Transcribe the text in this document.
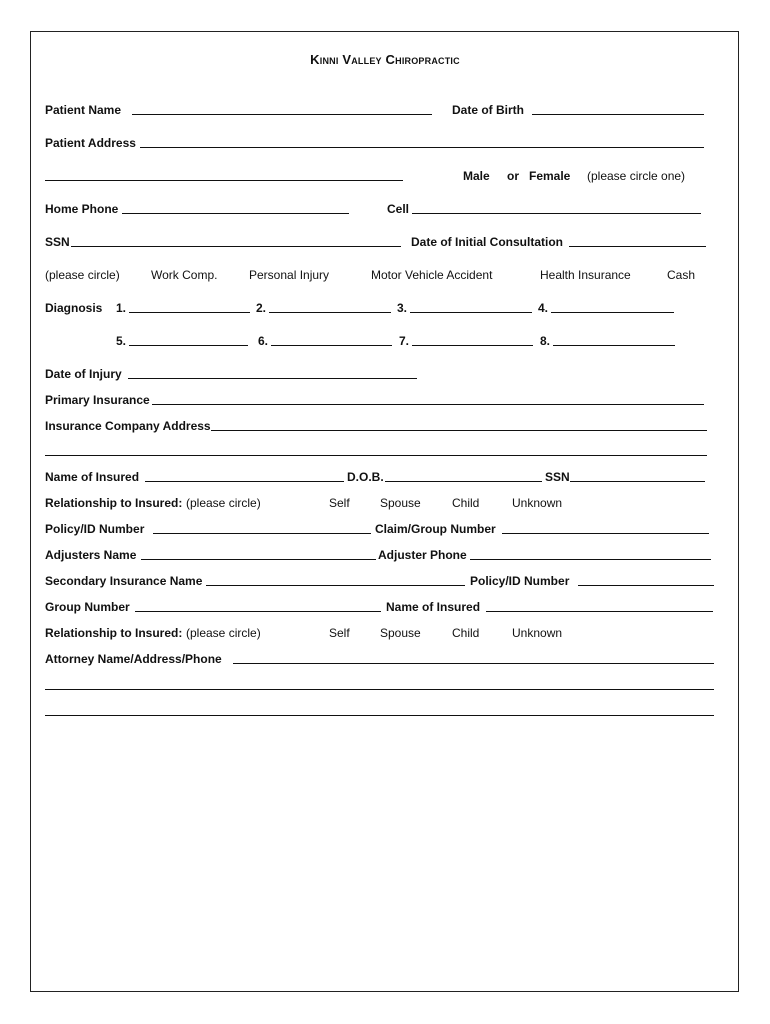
Kinni Valley Chiropractic
Patient Name	Date of Birth
Patient Address
Male or Female (please circle one)
Home Phone	Cell
SSN	Date of Initial Consultation
(please circle)	Work Comp.	Personal Injury	Motor Vehicle Accident	Health Insurance	Cash
Diagnosis 1.	2.	3.	4.
5.	6.	7.	8.
Date of Injury
Primary Insurance
Insurance Company Address
Name of Insured	D.O.B.	SSN
Relationship to Insured: (please circle)	Self	Spouse	Child	Unknown
Policy/ID Number	Claim/Group Number
Adjusters Name	Adjuster Phone
Secondary Insurance Name	Policy/ID Number
Group Number	Name of Insured
Relationship to Insured: (please circle)	Self	Spouse	Child	Unknown
Attorney Name/Address/Phone
